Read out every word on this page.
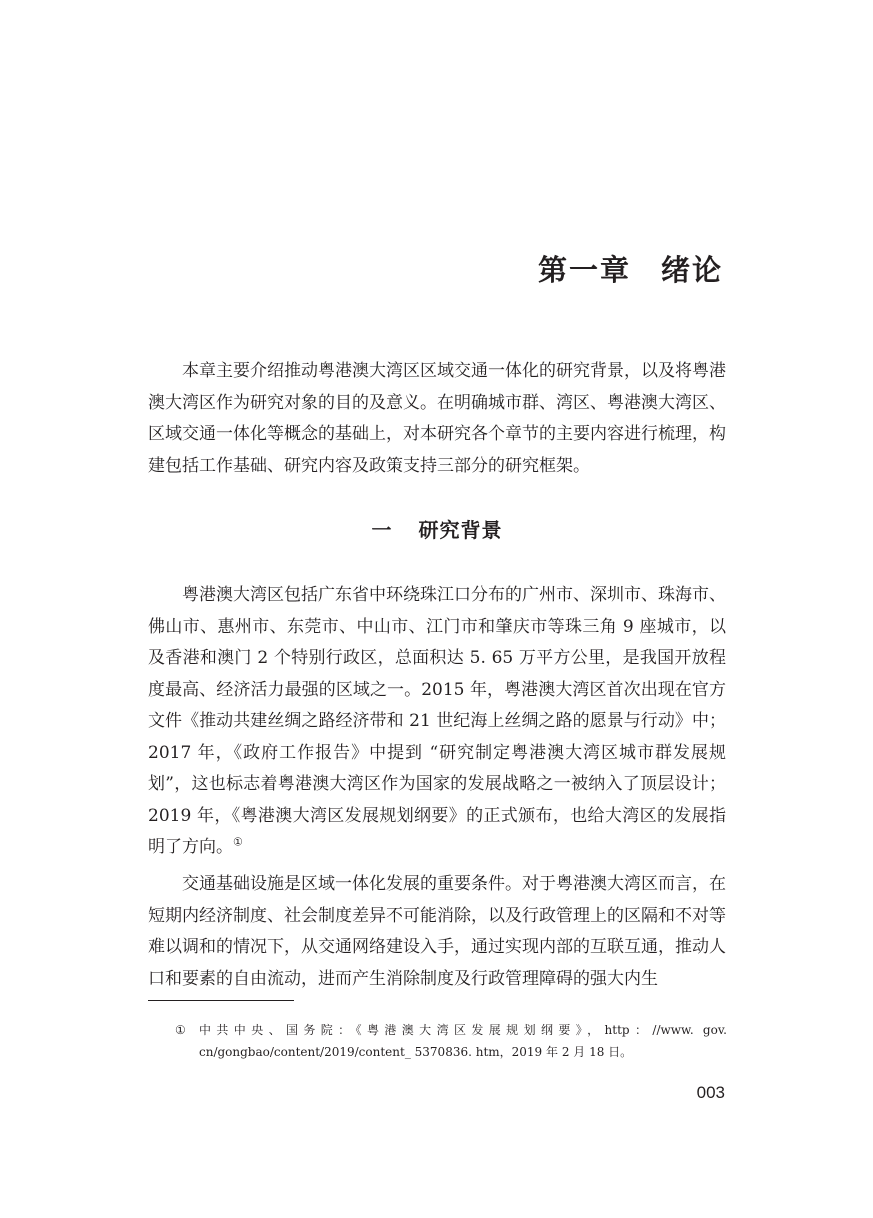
第一章 绪论

本章主要介绍推动粤港澳大湾区区域交通一体化的研究背景，以及将粤港澳大湾区作为研究对象的目的及意义。在明确城市群、湾区、粤港澳大湾区、区域交通一体化等概念的基础上，对本研究各个章节的主要内容进行梳理，构建包括工作基础、研究内容及政策支持三部分的研究框架。

一 研究背景

粤港澳大湾区包括广东省中环绕珠江口分布的广州市、深圳市、珠海市、佛山市、惠州市、东莞市、中山市、江门市和肇庆市等珠三角 9 座城市，以及香港和澳门 2 个特别行政区，总面积达 5. 65 万平方公里，是我国开放程度最高、经济活力最强的区域之一。2015 年，粤港澳大湾区首次出现在官方文件《推动共建丝绸之路经济带和 21 世纪海上丝绸之路的愿景与行动》中；2017 年，《政府工作报告》中提到 “研究制定粤港澳大湾区城市群发展规划”，这也标志着粤港澳大湾区作为国家的发展战略之一被纳入了顶层设计；2019 年，《粤港澳大湾区发展规划纲要》的正式颁布，也给大湾区的发展指明了方向。①

交通基础设施是区域一体化发展的重要条件。对于粤港澳大湾区而言，在短期内经济制度、社会制度差异不可能消除，以及行政管理上的区隔和不对等难以调和的情况下，从交通网络建设入手，通过实现内部的互联互通，推动人口和要素的自由流动，进而产生消除制度及行政管理障碍的强大内生

① 中共中央、国务院：《粤港澳大湾区发展规划纲要》，http：//www. gov. cn/gongbao/content/2019/content_ 5370836. htm，2019 年 2 月 18 日。
003
